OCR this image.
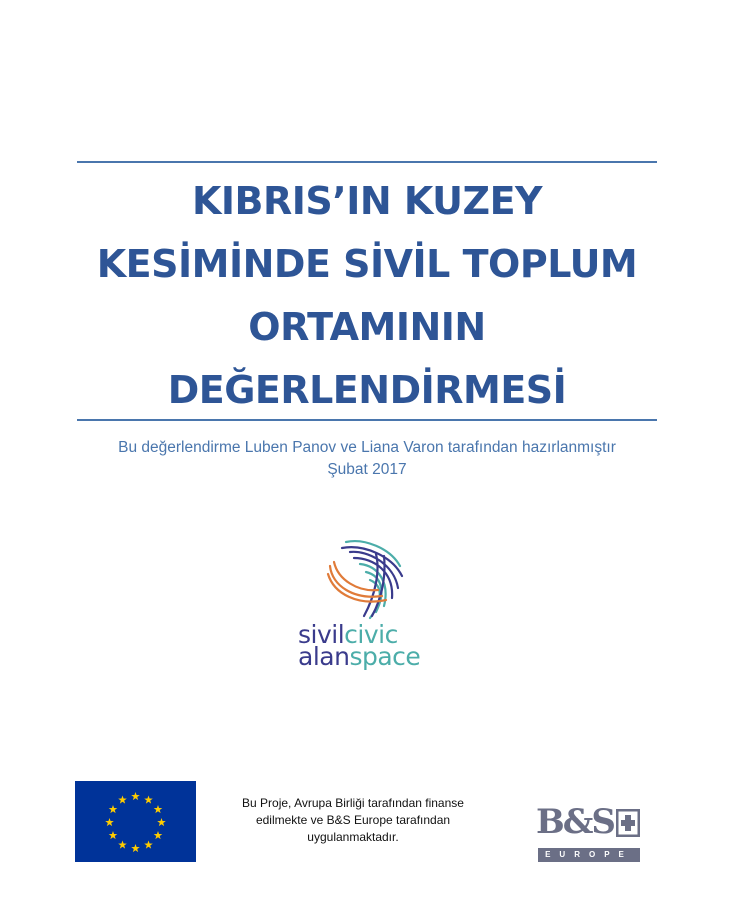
KIBRIS’IN KUZEY
KESİMİNDE SİVİL TOPLUM
ORTAMININ
DEĞERLENDİRMESİ
Bu değerlendirme Luben Panov ve Liana Varon tarafından hazırlanmıştır
Şubat 2017
sivilcivic
alanspace
Bu Proje, Avrupa Birliği tarafından finanse
edilmekte ve B&S Europe tarafından
uygulanmaktadır.	B&S
EUROPE
